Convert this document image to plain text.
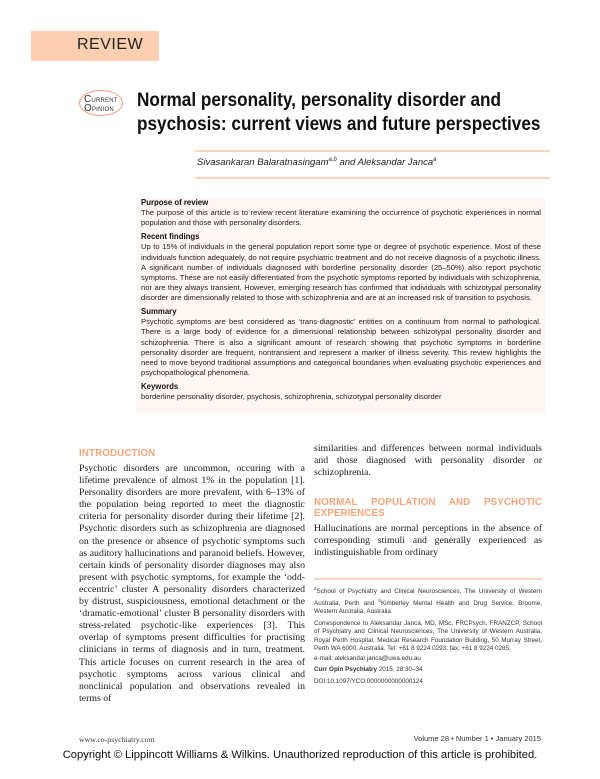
REVIEW
CURRENT
OPINION Normal personality, personality disorder and
psychosis: current views and future perspectives
Sivasankaran Balaratnasingam$^{a,b}$ and Aleksandar Janca$^a$
Purpose of review

The purpose of this article is to review recent literature examining the occurrence of psychotic experiences in normal population and those with personality disorders.

Recent findings

Up to 15% of individuals in the general population report some type or degree of psychotic experience. Most of these individuals function adequately, do not require psychiatric treatment and do not receive diagnosis of a psychotic illness. A significant number of individuals diagnosed with borderline personality disorder (25–50%) also report psychotic symptoms. These are not easily differentiated from the psychotic symptoms reported by individuals with schizophrenia, nor are they always transient. However, emerging research has confirmed that individuals with schizotypal personality disorder are dimensionally related to those with schizophrenia and are at an increased risk of transition to psychosis.

Summary

Psychotic symptoms are best considered as ‘trans-diagnostic’ entities on a continuum from normal to pathological. There is a large body of evidence for a dimensional relationship between schizotypal personality disorder and schizophrenia. There is also a significant amount of research showing that psychotic symptoms in borderline personality disorder are frequent, nontransient and represent a marker of illness severity. This review highlights the need to move beyond traditional assumptions and categorical boundaries when evaluating psychotic experiences and psychopathological phenomena.

Keywords

borderline personality disorder, psychosis, schizophrenia, schizotypal personality disorder

INTRODUCTION

Psychotic disorders are uncommon, occuring with a lifetime prevalence of almost 1% in the population [1]. Personality disorders are more prevalent, with 6–13% of the population being reported to meet the diagnostic criteria for personality disorder during their lifetime [2]. Psychotic disorders such as schizophrenia are diagnosed on the presence or absence of psychotic symptoms such as auditory hallucinations and paranoid beliefs. However, certain kinds of personality disorder diagnoses may also present with psychotic symptoms, for example the ‘odd-eccentric’ cluster A personality disorders characterized by distrust, suspiciousness, emotional detachment or the ‘dramatic-emotional’ cluster B personality disorders with stress-related psychotic-like experiences [3]. This overlap of symptoms present difficulties for practising clinicians in terms of diagnosis and in turn, treatment. This article focuses on current research in the area of psychotic symptoms across various clinical and nonclinical population and observations revealed in terms of

similarities and differences between normal individuals and those diagnosed with personality disorder or schizophrenia.

NORMAL POPULATION AND PSYCHOTIC EXPERIENCES

Hallucinations are normal perceptions in the absence of corresponding stimuli and generally experienced as indistinguishable from ordinary

$^a$School of Psychiatry and Clinical Neurosciences, The University of Western Australia, Perth and $^b$Kimberley Mental Health and Drug Service, Broome, Western Australia, Australia

Correspondence to Aleksandar Janca, MD, MSc, FRCPsych, FRANZCP, School of Psychiatry and Clinical Neurosciences, The University of Western Australia, Royal Perth Hospital, Medical Research Foundation Building, 50 Murray Street, Perth WA 6000, Australia. Tel: +61 8 9224 0293; fax: +61 8 9224 0285;

e-mail: aleksandar.janca@uwa.edu.au

Curr Opin Psychiatry 2015, 28:30–34

DOI:10.1097/YCO.0000000000000124

www.co-psychiatry.com	Volume 28 • Number 1 • January 2015
Copyright © Lippincott Williams & Wilkins. Unauthorized reproduction of this article is prohibited.
